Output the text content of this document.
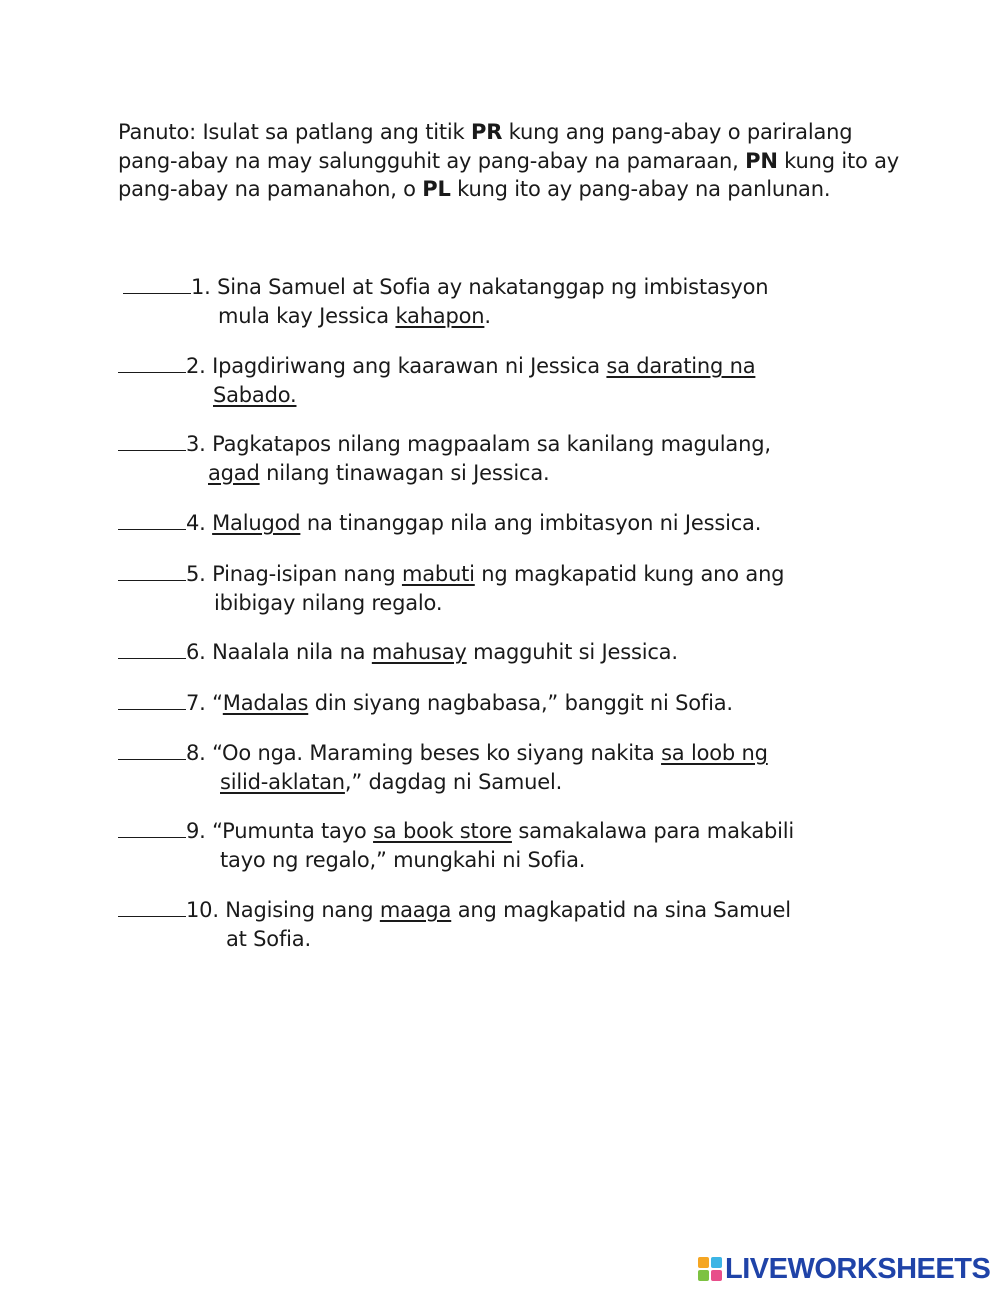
Panuto: Isulat sa patlang ang titik PR kung ang pang-abay o pariralang pang-abay na may salungguhit ay pang-abay na pamaraan, PN kung ito ay pang-abay na pamanahon, o PL kung ito ay pang-abay na panlunan.
1. Sina Samuel at Sofia ay nakatanggap ng imbistasyon
mula kay Jessica kahapon.
2. Ipagdiriwang ang kaarawan ni Jessica sa darating na
Sabado.
3. Pagkatapos nilang magpaalam sa kanilang magulang,
agad nilang tinawagan si Jessica.
4. Malugod na tinanggap nila ang imbitasyon ni Jessica.
5. Pinag-isipan nang mabuti ng magkapatid kung ano ang
ibibigay nilang regalo.
6. Naalala nila na mahusay magguhit si Jessica.
7. “Madalas din siyang nagbabasa,” banggit ni Sofia.
8. “Oo nga. Maraming beses ko siyang nakita sa loob ng
silid-aklatan,” dagdag ni Samuel.
9. “Pumunta tayo sa book store samakalawa para makabili
tayo ng regalo,” mungkahi ni Sofia.
10. Nagising nang maaga ang magkapatid na sina Samuel
at Sofia.
LIVEWORKSHEETS
